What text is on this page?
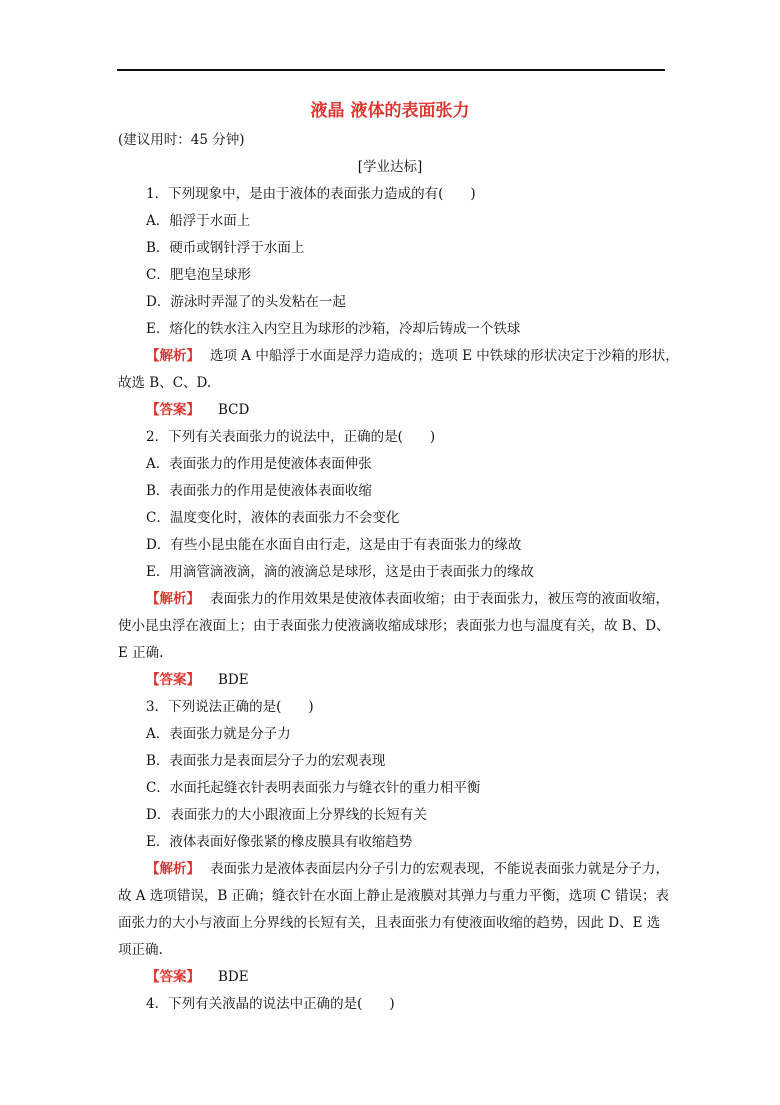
液晶 液体的表面张力
(建议用时：45 分钟)
[学业达标]
1．下列现象中，是由于液体的表面张力造成的有(　　)
A．船浮于水面上
B．硬币或钢针浮于水面上
C．肥皂泡呈球形
D．游泳时弄湿了的头发粘在一起
E．熔化的铁水注入内空且为球形的沙箱，冷却后铸成一个铁球
【解析】 选项 A 中船浮于水面是浮力造成的；选项 E 中铁球的形状决定于沙箱的形状，
故选 B、C、D.
【答案】 BCD
2．下列有关表面张力的说法中，正确的是(　　)
A．表面张力的作用是使液体表面伸张
B．表面张力的作用是使液体表面收缩
C．温度变化时，液体的表面张力不会变化
D．有些小昆虫能在水面自由行走，这是由于有表面张力的缘故
E．用滴管滴液滴，滴的液滴总是球形，这是由于表面张力的缘故
【解析】 表面张力的作用效果是使液体表面收缩；由于表面张力，被压弯的液面收缩，
使小昆虫浮在液面上；由于表面张力使液滴收缩成球形；表面张力也与温度有关，故 B、D、
E 正确.
【答案】 BDE
3．下列说法正确的是(　　)
A．表面张力就是分子力
B．表面张力是表面层分子力的宏观表现
C．水面托起缝衣针表明表面张力与缝衣针的重力相平衡
D．表面张力的大小跟液面上分界线的长短有关
E．液体表面好像张紧的橡皮膜具有收缩趋势
【解析】 表面张力是液体表面层内分子引力的宏观表现，不能说表面张力就是分子力，
故 A 选项错误，B 正确；缝衣针在水面上静止是液膜对其弹力与重力平衡，选项 C 错误；表
面张力的大小与液面上分界线的长短有关，且表面张力有使液面收缩的趋势，因此 D、E 选
项正确.
【答案】 BDE
4．下列有关液晶的说法中正确的是(　　)
